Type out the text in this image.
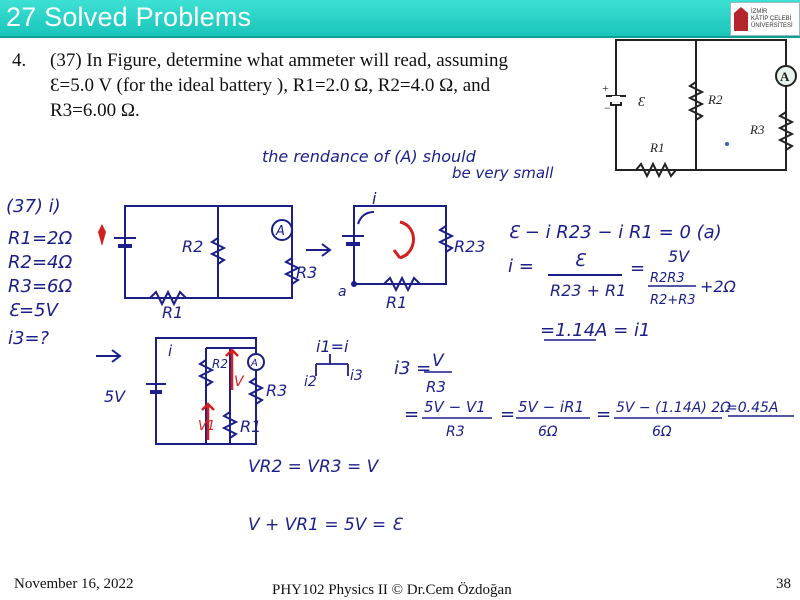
27 Solved Problems	İZMİR
KÂTİP ÇELEBİ
ÜNİVERSİTESİ
4. (37) In Figure, determine what ammeter will read, assuming
Ɛ=5.0 V (for the ideal battery ), R1=2.0 Ω, R2=4.0 Ω, and
R3=6.00 Ω.
A
Ɛ
+
−
R1
R2
R3
the rendance of (A) should
be very small
(37) i)
R1=2Ω
R2=4Ω
R3=6Ω
Ɛ=5V
i3=?
R2
R3
R1
A
i
R23
R1
a
Ɛ − i R23 − i R1 = 0 (a)
i = Ɛ
R23 + R1
=
5V
R2R3
R2+R3
+2Ω
=1.14A = i1
V
V1
5V
i
R2
R3
R1
A
i1=i
i2 i3 i3 = V
R3
= 5V − V1
R3
= 5V − iR1
6Ω
= 5V − (1.14A) 2Ω
6Ω
=0.45A
VR2 = VR3 = V
V + VR1 = 5V = Ɛ
November 16, 2022	PHY102 Physics II © Dr.Cem Özdoğan	38
